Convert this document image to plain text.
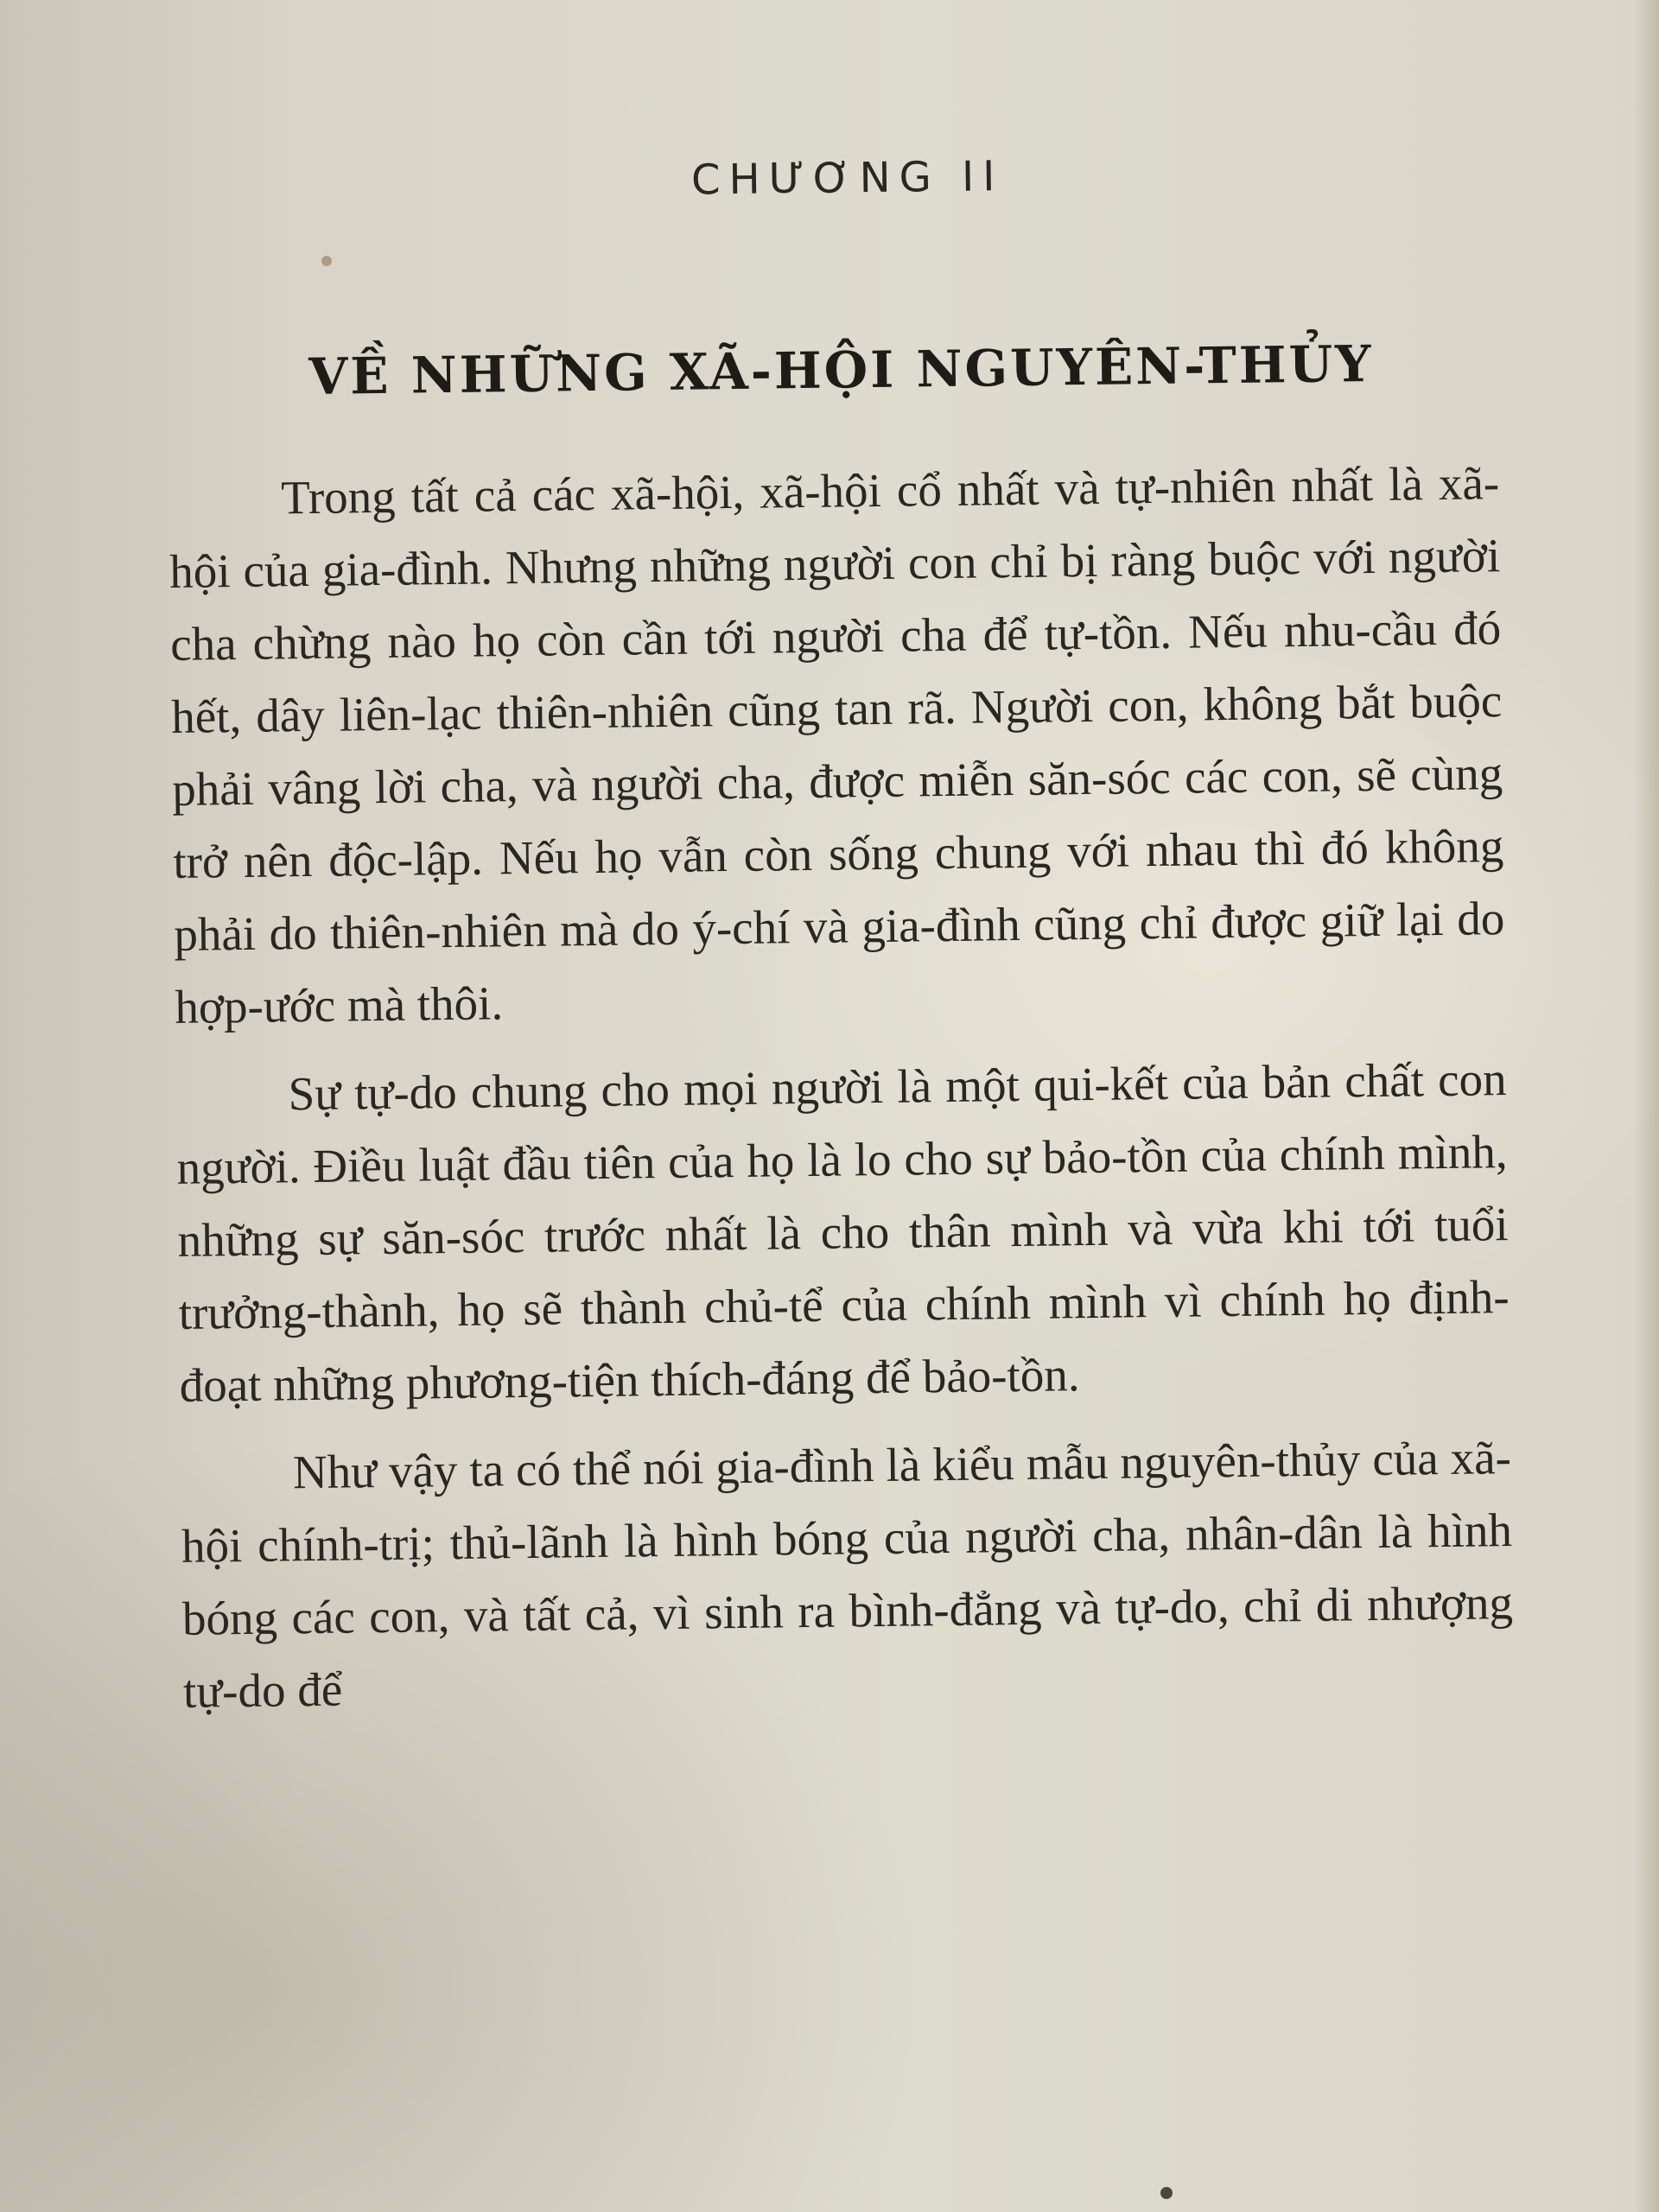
CHƯƠNG II
VỀ NHỮNG XÃ-HỘI NGUYÊN-THỦY

Trong tất cả các xã-hội, xã-hội cổ nhất và tự-nhiên nhất là xã-hội của gia-đình. Nhưng những người con chỉ bị ràng buộc với người cha chừng nào họ còn cần tới người cha để tự-tồn. Nếu nhu-cầu đó hết, dây liên-lạc thiên-nhiên cũng tan rã. Người con, không bắt buộc phải vâng lời cha, và người cha, được miễn săn-sóc các con, sẽ cùng trở nên độc-lập. Nếu họ vẫn còn sống chung với nhau thì đó không phải do thiên-nhiên mà do ý-chí và gia-đình cũng chỉ được giữ lại do hợp-ước mà thôi.

Sự tự-do chung cho mọi người là một qui-kết của bản chất con người. Điều luật đầu tiên của họ là lo cho sự bảo-tồn của chính mình, những sự săn-sóc trước nhất là cho thân mình và vừa khi tới tuổi trưởng-thành, họ sẽ thành chủ-tể của chính mình vì chính họ định-đoạt những phương-tiện thích-đáng để bảo-tồn.

Như vậy ta có thể nói gia-đình là kiểu mẫu nguyên-thủy của xã-hội chính-trị; thủ-lãnh là hình bóng của người cha, nhân-dân là hình bóng các con, và tất cả, vì sinh ra bình-đẳng và tự-do, chỉ di nhượng tự-do để
